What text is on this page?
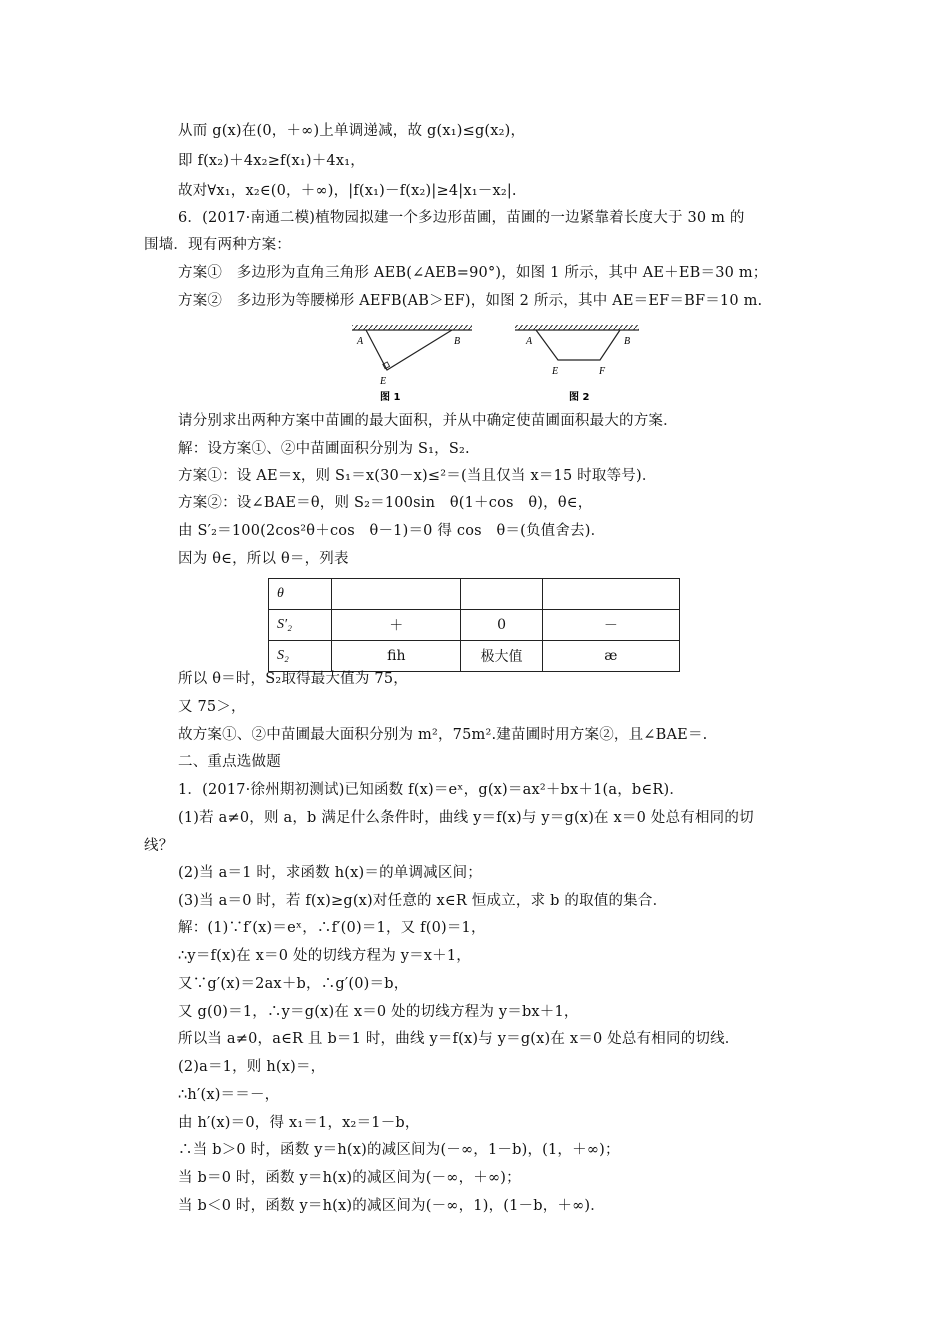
从而 g(x)在(0，＋∞)上单调递减，故 g(x₁)≤g(x₂)，
即 f(x₂)＋4x₂≥f(x₁)＋4x₁，
故对∀x₁，x₂∈(0，＋∞)，|f(x₁)－f(x₂)|≥4|x₁－x₂|.
6．(2017·南通二模)植物园拟建一个多边形苗圃，苗圃的一边紧靠着长度大于 30 m 的
围墙．现有两种方案：
方案①　多边形为直角三角形 AEB(∠AEB=90°)，如图 1 所示，其中 AE＋EB＝30 m；
方案②　多边形为等腰梯形 AEFB(AB＞EF)，如图 2 所示，其中 AE＝EF＝BF＝10 m.
A	B
E
图 1
A	B
E	F
图 2
请分别求出两种方案中苗圃的最大面积，并从中确定使苗圃面积最大的方案．
解：设方案①、②中苗圃面积分别为 S₁，S₂.
方案①：设 AE＝x，则 S₁＝x(30－x)≤²＝(当且仅当 x＝15 时取等号)．
方案②：设∠BAE＝θ，则 S₂＝100sin　θ(1＋cos　θ)，θ∈，
由 S′₂＝100(2cos²θ＋cos　θ－1)＝0 得 cos　θ＝(负值舍去)．
因为 θ∈，所以 θ＝，列表
θ			
S′₂	＋	0	－
S₂	ﬁh	极大值	æ
所以 θ＝时，S₂取得最大值为 75，
又 75＞，
故方案①、②中苗圃最大面积分别为 m²，75m².建苗圃时用方案②，且∠BAE＝.
二、重点选做题
1．(2017·徐州期初测试)已知函数 f(x)＝eˣ，g(x)＝ax²＋bx＋1(a，b∈R)．
(1)若 a≠0，则 a，b 满足什么条件时，曲线 y＝f(x)与 y＝g(x)在 x＝0 处总有相同的切
线？
(2)当 a＝1 时，求函数 h(x)＝的单调减区间；
(3)当 a＝0 时，若 f(x)≥g(x)对任意的 x∈R 恒成立，求 b 的取值的集合．
解：(1)∵f′(x)＝eˣ，∴f′(0)＝1，又 f(0)＝1，
∴y＝f(x)在 x＝0 处的切线方程为 y＝x＋1，
又∵g′(x)＝2ax＋b，∴g′(0)＝b，
又 g(0)＝1，∴y＝g(x)在 x＝0 处的切线方程为 y＝bx＋1，
所以当 a≠0，a∈R 且 b＝1 时，曲线 y＝f(x)与 y＝g(x)在 x＝0 处总有相同的切线．
(2)a＝1，则 h(x)＝，
∴h′(x)＝＝－，
由 h′(x)＝0，得 x₁＝1，x₂＝1－b，
∴当 b＞0 时，函数 y＝h(x)的减区间为(－∞，1－b)，(1，＋∞)；
当 b＝0 时，函数 y＝h(x)的减区间为(－∞，＋∞)；
当 b＜0 时，函数 y＝h(x)的减区间为(－∞，1)，(1－b，＋∞)．
